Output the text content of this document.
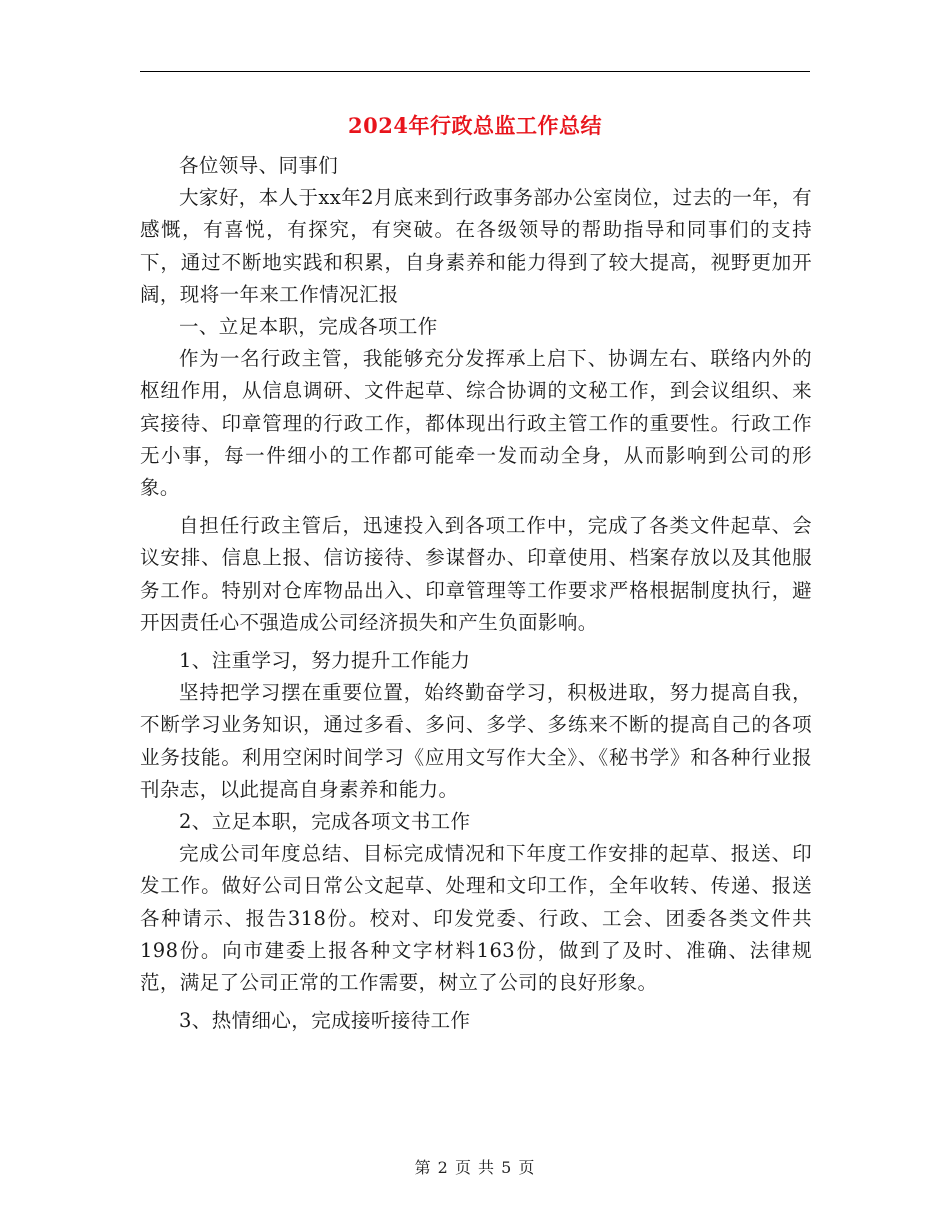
2024年行政总监工作总结

各位领导、同事们

大家好，本人于xx年2月底来到行政事务部办公室岗位，过去的一年，有感慨，有喜悦，有探究，有突破。在各级领导的帮助指导和同事们的支持下，通过不断地实践和积累，自身素养和能力得到了较大提高，视野更加开阔，现将一年来工作情况汇报

一、立足本职，完成各项工作

作为一名行政主管，我能够充分发挥承上启下、协调左右、联络内外的枢纽作用，从信息调研、文件起草、综合协调的文秘工作，到会议组织、来宾接待、印章管理的行政工作，都体现出行政主管工作的重要性。行政工作无小事，每一件细小的工作都可能牵一发而动全身，从而影响到公司的形象。

自担任行政主管后，迅速投入到各项工作中，完成了各类文件起草、会议安排、信息上报、信访接待、参谋督办、印章使用、档案存放以及其他服务工作。特别对仓库物品出入、印章管理等工作要求严格根据制度执行，避开因责任心不强造成公司经济损失和产生负面影响。

1、注重学习，努力提升工作能力

坚持把学习摆在重要位置，始终勤奋学习，积极进取，努力提高自我，不断学习业务知识，通过多看、多问、多学、多练来不断的提高自己的各项业务技能。利用空闲时间学习《应用文写作大全》、《秘书学》和各种行业报刊杂志，以此提高自身素养和能力。

2、立足本职，完成各项文书工作

完成公司年度总结、目标完成情况和下年度工作安排的起草、报送、印发工作。做好公司日常公文起草、处理和文印工作，全年收转、传递、报送各种请示、报告318份。校对、印发党委、行政、工会、团委各类文件共198份。向市建委上报各种文字材料163份，做到了及时、准确、法律规范，满足了公司正常的工作需要，树立了公司的良好形象。

3、热情细心，完成接听接待工作

第 2 页 共 5 页
